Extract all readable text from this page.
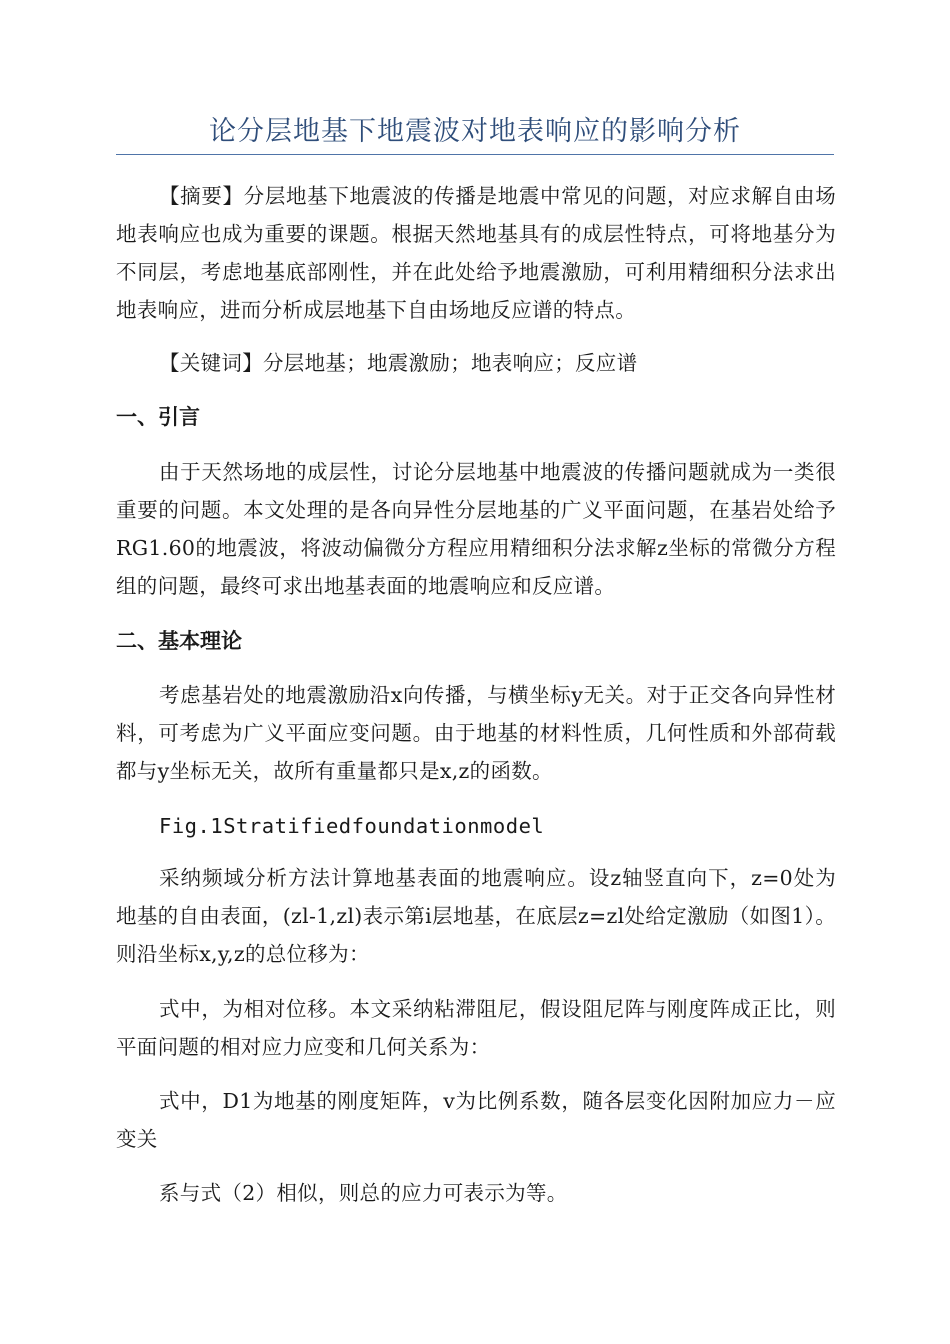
论分层地基下地震波对地表响应的影响分析
【摘要】分层地基下地震波的传播是地震中常见的问题，对应求解自由场地表响应也成为重要的课题。根据天然地基具有的成层性特点，可将地基分为不同层，考虑地基底部刚性，并在此处给予地震激励，可利用精细积分法求出地表响应，进而分析成层地基下自由场地反应谱的特点。
【关键词】分层地基；地震激励；地表响应；反应谱
一、引言
由于天然场地的成层性，讨论分层地基中地震波的传播问题就成为一类很重要的问题。本文处理的是各向异性分层地基的广义平面问题，在基岩处给予RG1.60的地震波，将波动偏微分方程应用精细积分法求解z坐标的常微分方程组的问题，最终可求出地基表面的地震响应和反应谱。
二、基本理论
考虑基岩处的地震激励沿x向传播，与横坐标y无关。对于正交各向异性材料，可考虑为广义平面应变问题。由于地基的材料性质，几何性质和外部荷载都与y坐标无关，故所有重量都只是x,z的函数。
Fig.1Stratifiedfoundationmodel
采纳频域分析方法计算地基表面的地震响应。设z轴竖直向下，z=0处为地基的自由表面，(zl-1,zl)表示第i层地基，在底层z=zl处给定激励（如图1）。则沿坐标x,y,z的总位移为：
式中，为相对位移。本文采纳粘滞阻尼，假设阻尼阵与刚度阵成正比，则平面问题的相对应力应变和几何关系为：
式中，D1为地基的刚度矩阵，v为比例系数，随各层变化因附加应力－应变关
系与式（2）相似，则总的应力可表示为等。
